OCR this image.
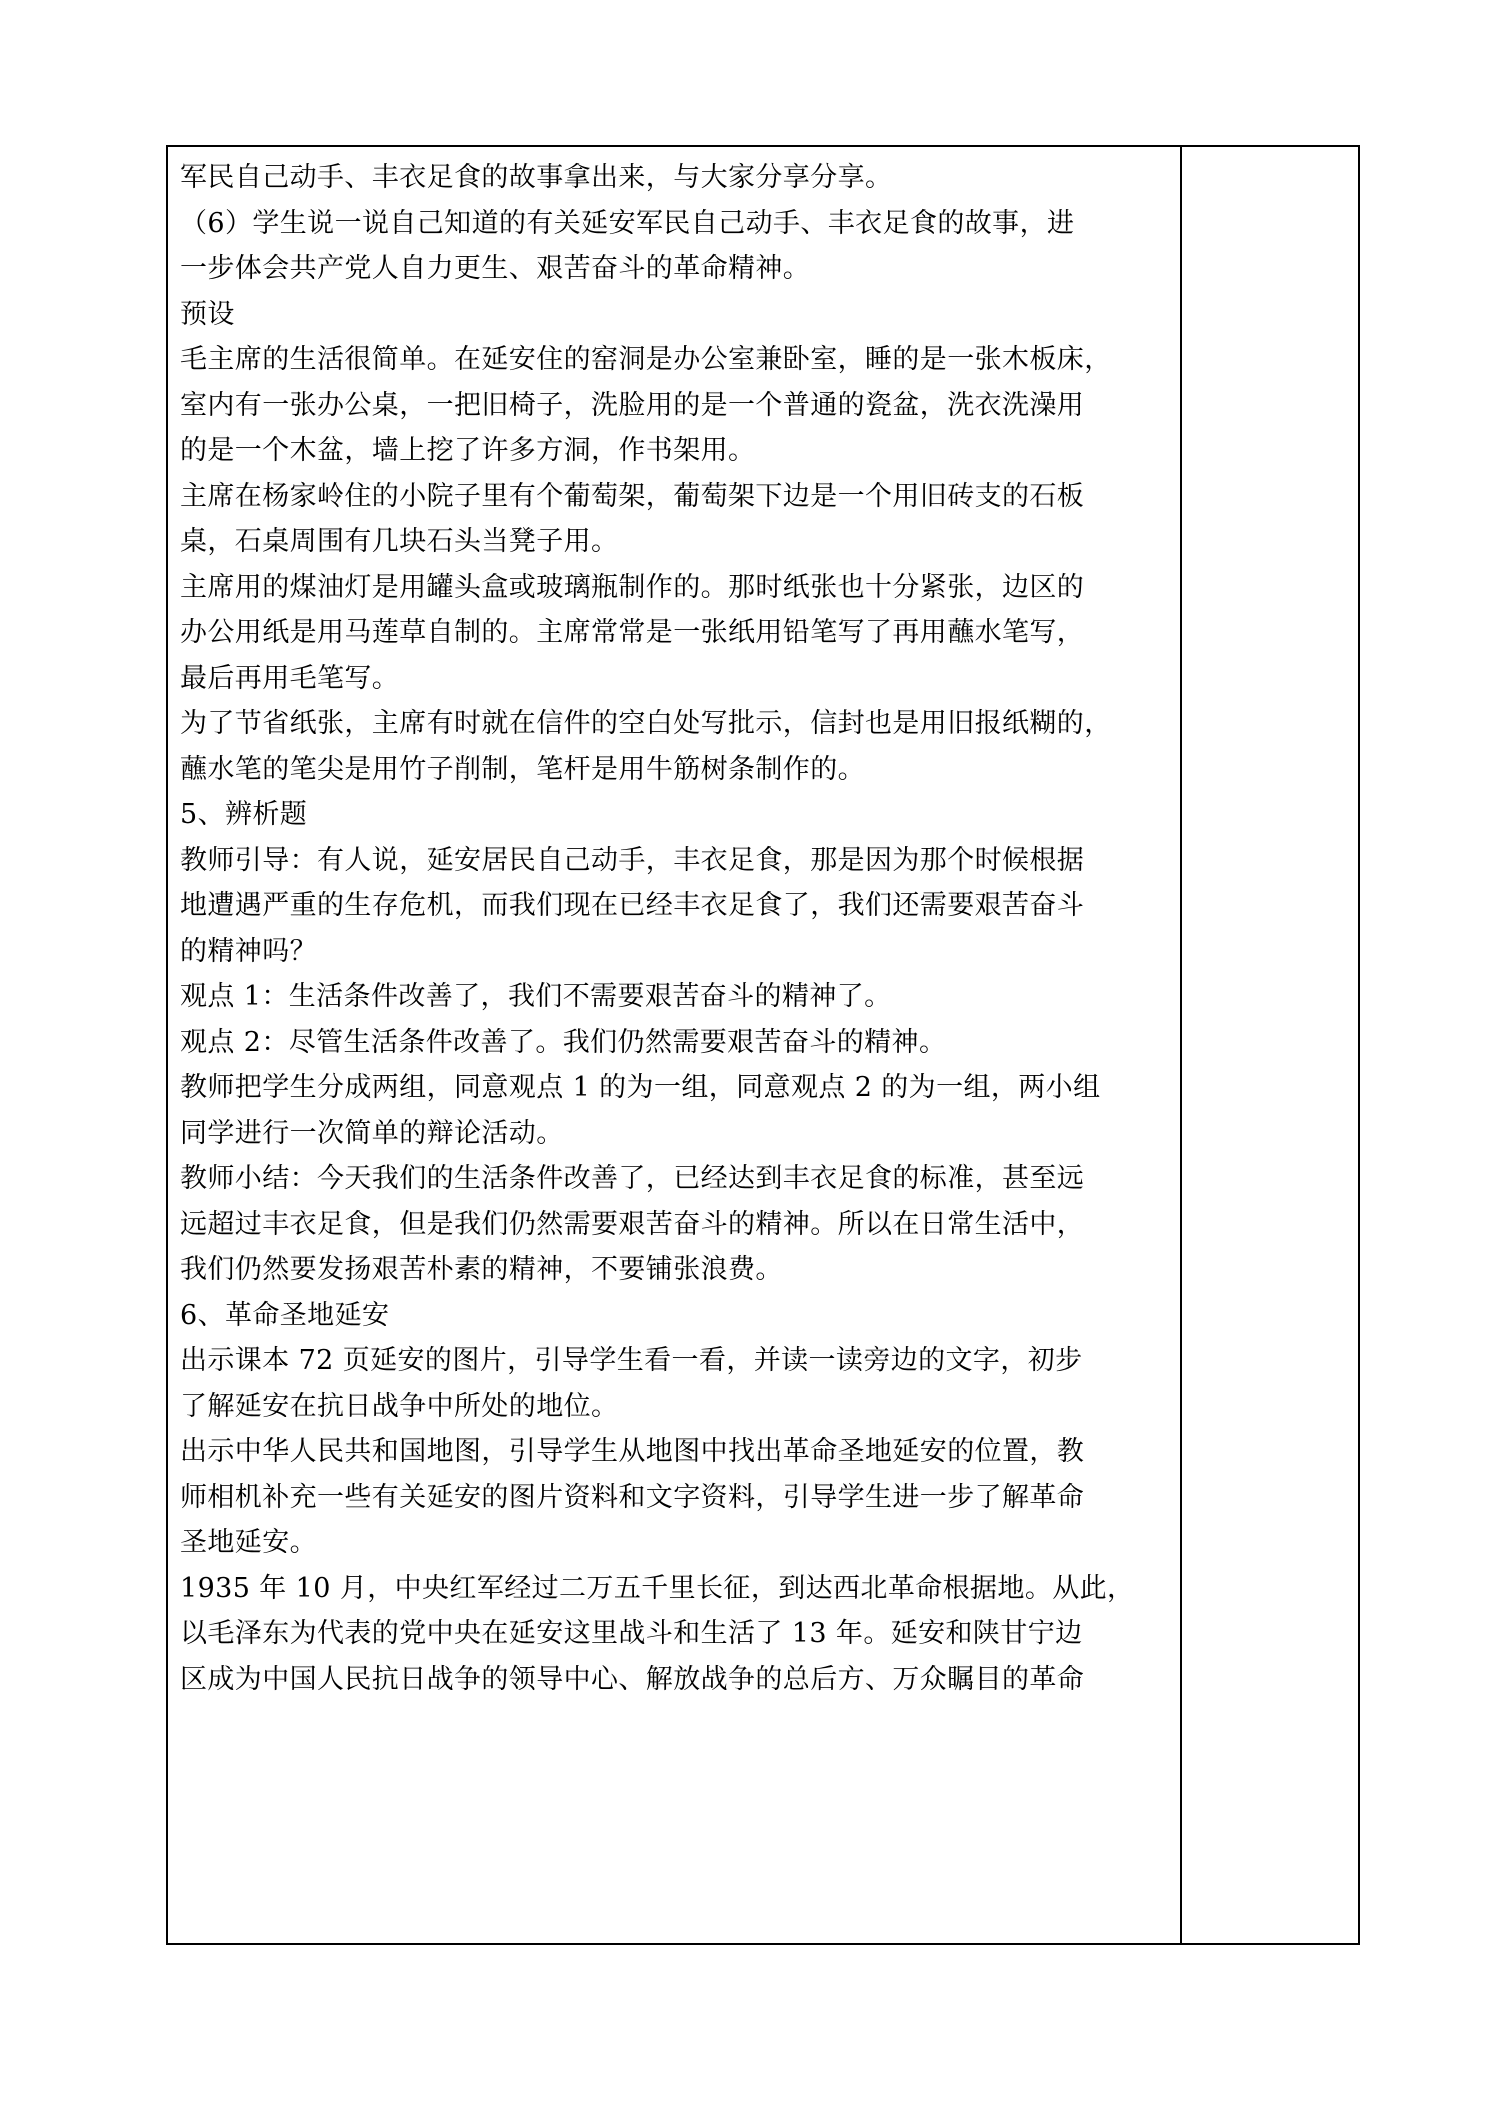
军民自己动手、丰衣足食的故事拿出来，与大家分享分享。
（6）学生说一说自己知道的有关延安军民自己动手、丰衣足食的故事，进
一步体会共产党人自力更生、艰苦奋斗的革命精神。
预设
毛主席的生活很简单。在延安住的窑洞是办公室兼卧室，睡的是一张木板床，
室内有一张办公桌，一把旧椅子，洗脸用的是一个普通的瓷盆，洗衣洗澡用
的是一个木盆，墙上挖了许多方洞，作书架用。
主席在杨家岭住的小院子里有个葡萄架，葡萄架下边是一个用旧砖支的石板
桌，石桌周围有几块石头当凳子用。
主席用的煤油灯是用罐头盒或玻璃瓶制作的。那时纸张也十分紧张，边区的
办公用纸是用马莲草自制的。主席常常是一张纸用铅笔写了再用蘸水笔写，
最后再用毛笔写。
为了节省纸张，主席有时就在信件的空白处写批示，信封也是用旧报纸糊的，
蘸水笔的笔尖是用竹子削制，笔杆是用牛筋树条制作的。
5、辨析题
教师引导：有人说，延安居民自己动手，丰衣足食，那是因为那个时候根据
地遭遇严重的生存危机，而我们现在已经丰衣足食了，我们还需要艰苦奋斗
的精神吗？
观点 1：生活条件改善了，我们不需要艰苦奋斗的精神了。
观点 2：尽管生活条件改善了。我们仍然需要艰苦奋斗的精神。
教师把学生分成两组，同意观点 1 的为一组，同意观点 2 的为一组，两小组
同学进行一次简单的辩论活动。
教师小结：今天我们的生活条件改善了，已经达到丰衣足食的标准，甚至远
远超过丰衣足食，但是我们仍然需要艰苦奋斗的精神。所以在日常生活中，
我们仍然要发扬艰苦朴素的精神，不要铺张浪费。
6、革命圣地延安
出示课本 72 页延安的图片，引导学生看一看，并读一读旁边的文字，初步
了解延安在抗日战争中所处的地位。
出示中华人民共和国地图，引导学生从地图中找出革命圣地延安的位置，教
师相机补充一些有关延安的图片资料和文字资料，引导学生进一步了解革命
圣地延安。
1935 年 10 月，中央红军经过二万五千里长征，到达西北革命根据地。从此，
以毛泽东为代表的党中央在延安这里战斗和生活了 13 年。延安和陕甘宁边
区成为中国人民抗日战争的领导中心、解放战争的总后方、万众瞩目的革命
